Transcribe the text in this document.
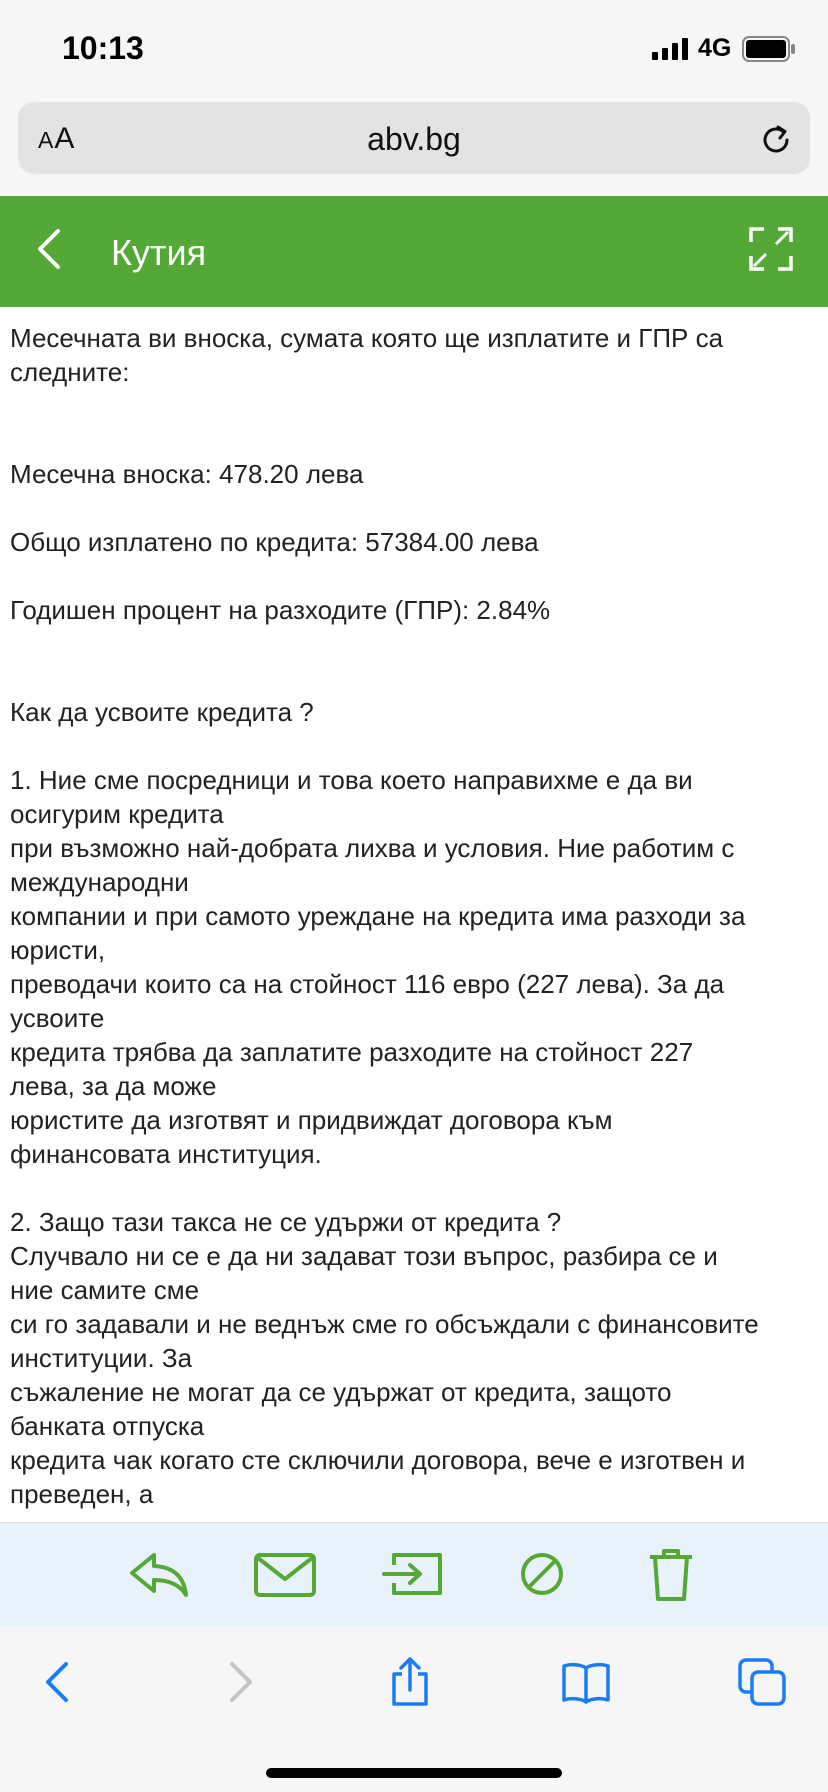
10:13	4G
AA	abv.bg
Кутия

Месечната ви вноска, сумата която ще изплатите и ГПР са
следните:

Месечна вноска: 478.20 лева

Общо изплатено по кредита: 57384.00 лева

Годишен процент на разходите (ГПР): 2.84%

Как да усвоите кредита ?

1. Ние сме посредници и това което направихме е да ви
осигурим кредита
при възможно най-добрата лихва и условия. Ние работим с
международни
компании и при самото уреждане на кредита има разходи за
юристи,
преводачи които са на стойност 116 евро (227 лева). За да
усвоите
кредита трябва да заплатите разходите на стойност 227
лева, за да може
юристите да изготвят и придвиждат договора към
финансовата институция.

2. Защо тази такса не се удържи от кредита ?
Случвало ни се е да ни задават този въпрос, разбира се и
ние самите сме
си го задавали и не веднъж сме го обсъждали с финансовите
институции. За
съжаление не могат да се удържат от кредита, защото
банката отпуска
кредита чак когато сте сключили договора, вече е изготвен и
преведен, а
